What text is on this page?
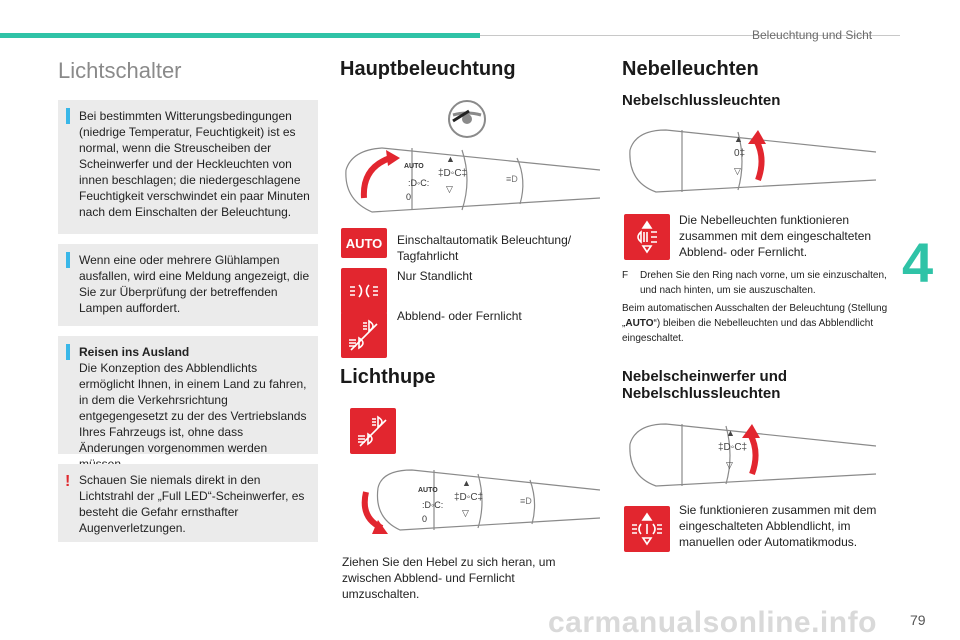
Beleuchtung und Sicht
Lichtschalter
Bei bestimmten Witterungsbedingungen (niedrige Temperatur, Feuchtigkeit) ist es normal, wenn die Streuscheiben der Scheinwerfer und der Heckleuchten von innen beschlagen; die niedergeschlagene Feuchtigkeit verschwindet ein paar Minuten nach dem Einschalten der Beleuchtung.
Wenn eine oder mehrere Glühlampen ausfallen, wird eine Meldung angezeigt, die Sie zur Überprüfung der betreffenden Lampen auffordert.
Reisen ins Ausland
Die Konzeption des Abblendlichts ermöglicht Ihnen, in einem Land zu fahren, in dem die Verkehrsrichtung entgegengesetzt zu der des Vertriebslands Ihres Fahrzeugs ist, ohne dass Änderungen vorgenommen werden
! Schauen Sie niemals direkt in den Lichtstrahl der „Full LED“-Scheinwerfer, es besteht die Gefahr ernsthafter Augenverletzungen.
Hauptbeleuchtung
AUTO
:D◦C:
0
‡D◦C‡
▲
▽
≡D
AUTO Einschaltautomatik Beleuchtung/ Tagfahrlicht
Nur Standlicht
Abblend- oder Fernlicht
Lichthupe
AUTO
:D◦C:
0
‡D◦C‡
▲
▽
≡D
Ziehen Sie den Hebel zu sich heran, um zwischen Abblend- und Fernlicht umzuschalten.
Nebelleuchten
Nebelschlussleuchten
0‡
▲
▽
Die Nebelleuchten funktionieren zusammen mit dem eingeschalteten Abblend- oder Fernlicht.
F	Drehen Sie den Ring nach vorne, um sie einzuschalten, und nach hinten, um sie auszuschalten.
Beim automatischen Ausschalten der Beleuchtung (Stellung „AUTO“) bleiben die Nebelleuchten und das Abblendlicht eingeschaltet.
Nebelscheinwerfer und Nebelschlussleuchten
‡D◦C‡
▲
▽
Sie funktionieren zusammen mit dem eingeschalteten Abblendlicht, im manuellen oder Automatikmodus.
4
carmanualsonline.info 79
